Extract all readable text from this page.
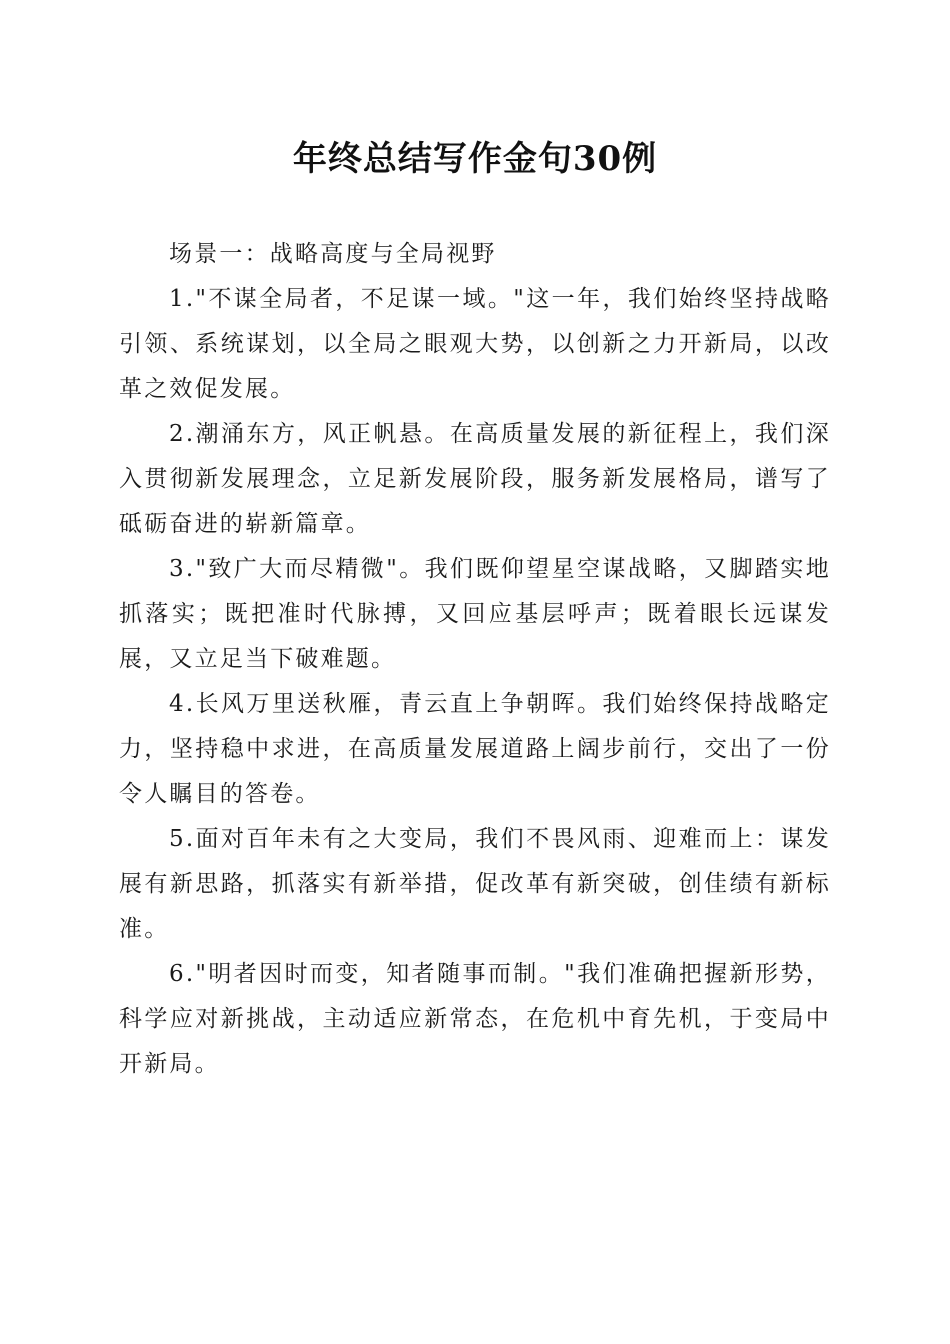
年终总结写作金句30例

场景一：战略高度与全局视野

1."不谋全局者，不足谋一域。"这一年，我们始终坚持战略引领、系统谋划，以全局之眼观大势，以创新之力开新局，以改革之效促发展。

2.潮涌东方，风正帆悬。在高质量发展的新征程上，我们深入贯彻新发展理念，立足新发展阶段，服务新发展格局，谱写了砥砺奋进的崭新篇章。

3."致广大而尽精微"。我们既仰望星空谋战略，又脚踏实地抓落实；既把准时代脉搏，又回应基层呼声；既着眼长远谋发展，又立足当下破难题。

4.长风万里送秋雁，青云直上争朝晖。我们始终保持战略定力，坚持稳中求进，在高质量发展道路上阔步前行，交出了一份令人瞩目的答卷。

5.面对百年未有之大变局，我们不畏风雨、迎难而上：谋发展有新思路，抓落实有新举措，促改革有新突破，创佳绩有新标准。

6."明者因时而变，知者随事而制。"我们准确把握新形势，科学应对新挑战，主动适应新常态，在危机中育先机，于变局中开新局。
